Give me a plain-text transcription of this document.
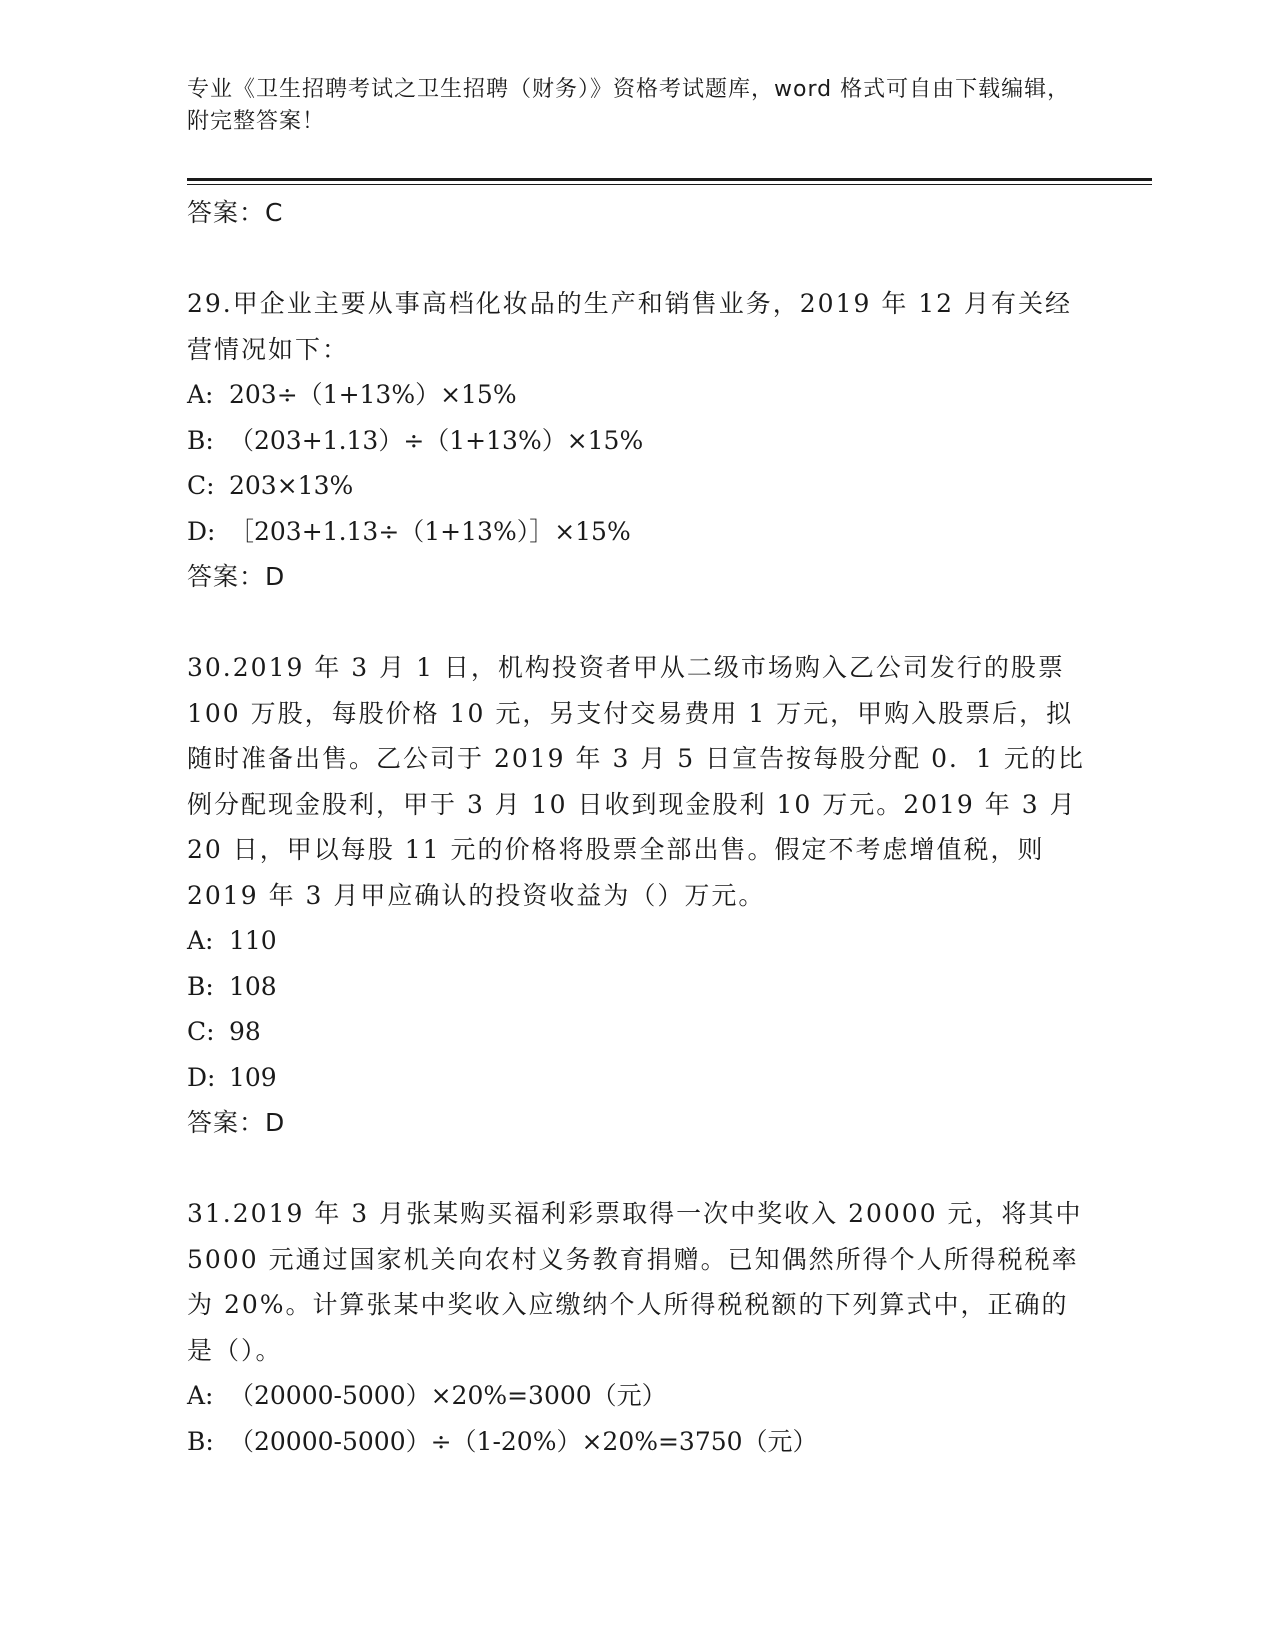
专业《卫生招聘考试之卫生招聘（财务）》资格考试题库，word 格式可自由下载编辑，附完整答案！
答案：C
29.甲企业主要从事高档化妆品的生产和销售业务，2019 年 12 月有关经营情况如下：
A: 203÷（1+13%）×15%
B: （203+1.13）÷（1+13%）×15%
C: 203×13%
D: ［203+1.13÷（1+13%）］×15%
答案：D
30.2019 年 3 月 1 日，机构投资者甲从二级市场购入乙公司发行的股票 100 万股，每股价格 10 元，另支付交易费用 1 万元，甲购入股票后，拟随时准备出售。乙公司于 2019 年 3 月 5 日宣告按每股分配 0．1 元的比例分配现金股利，甲于 3 月 10 日收到现金股利 10 万元。2019 年 3 月 20 日，甲以每股 11 元的价格将股票全部出售。假定不考虑增值税，则 2019 年 3 月甲应确认的投资收益为（）万元。
A: 110
B: 108
C: 98
D: 109
答案：D
31.2019 年 3 月张某购买福利彩票取得一次中奖收入 20000 元，将其中 5000 元通过国家机关向农村义务教育捐赠。已知偶然所得个人所得税税率为 20%。计算张某中奖收入应缴纳个人所得税税额的下列算式中，正确的是（）。
A: （20000-5000）×20%=3000（元）
B: （20000-5000）÷（1-20%）×20%=3750（元）
